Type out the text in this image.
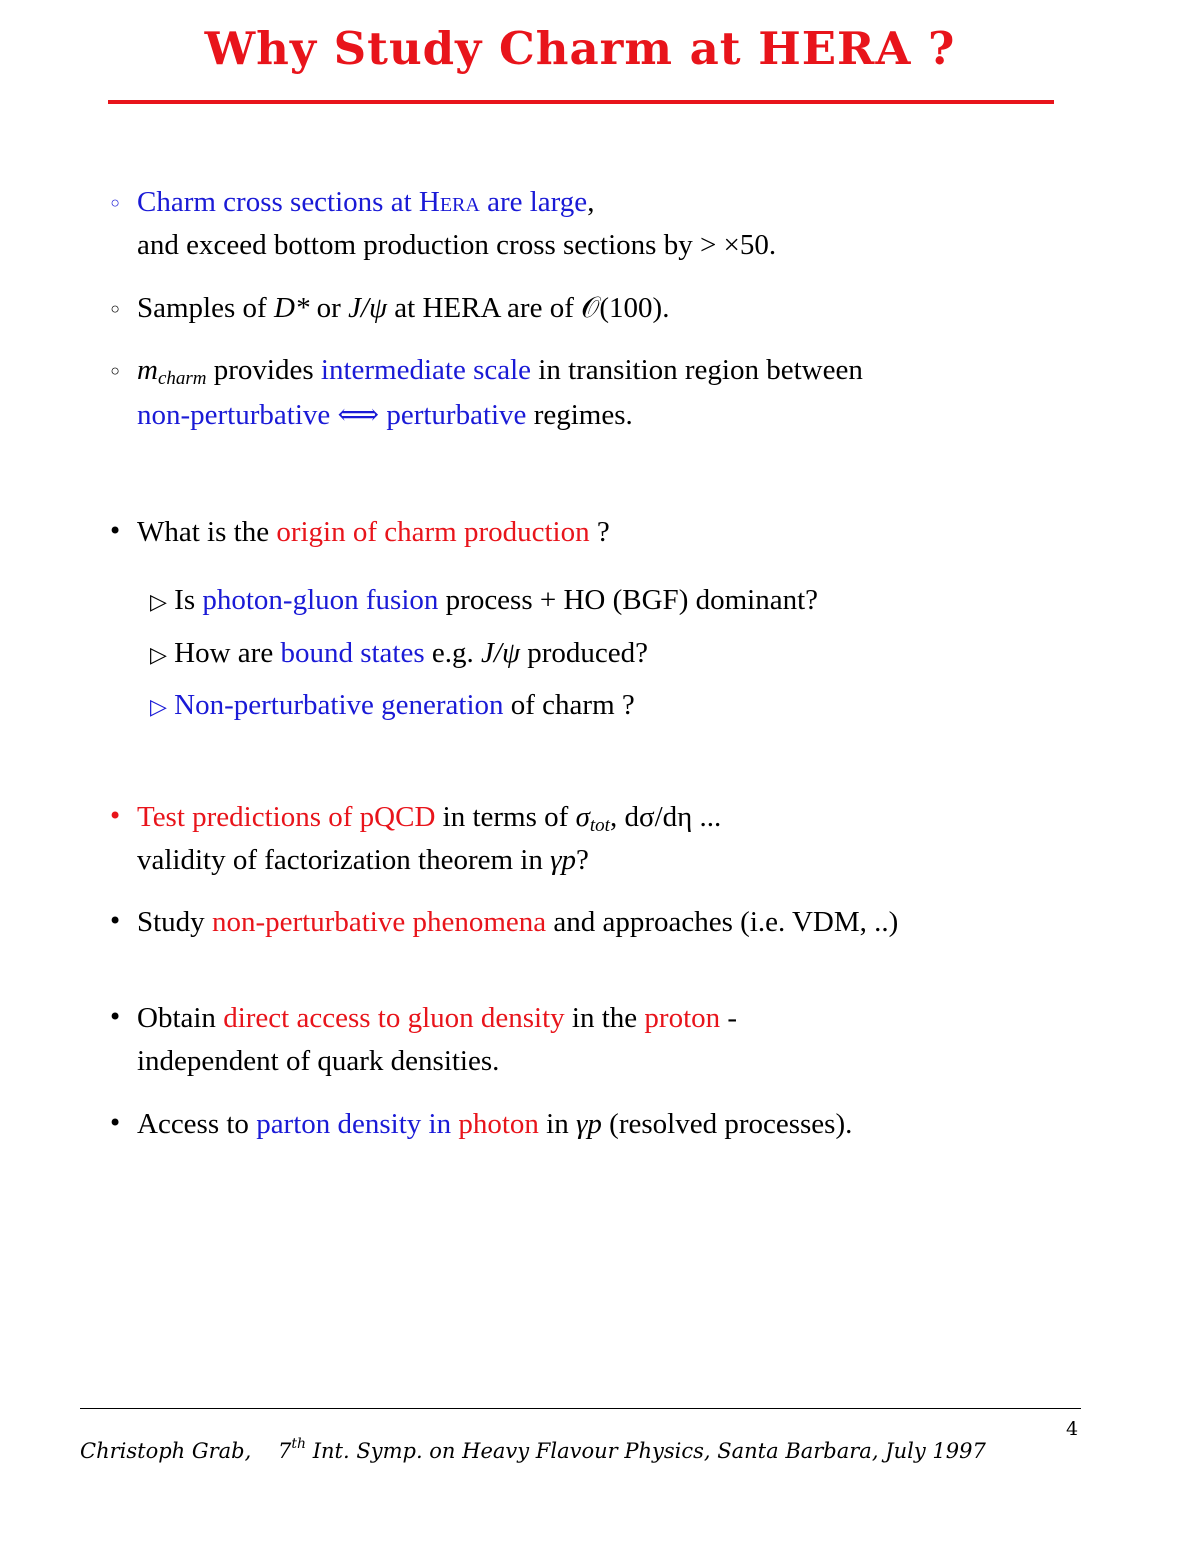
Why Study Charm at HERA ?
◦ Charm cross sections at Hera are large,
and exceed bottom production cross sections by > ×50.
◦ Samples of D* or J/ψ at HERA are of 𝒪(100).
◦ $m_{charm}$ provides intermediate scale in transition region between
non-perturbative ⟺ perturbative regimes.
• What is the origin of charm production ?
▷ Is photon-gluon fusion process + HO (BGF) dominant?
▷ How are bound states e.g. J/ψ produced?
▷ Non-perturbative generation of charm ?
• Test predictions of pQCD in terms of $\sigma_{tot}$, dσ/dη ...
validity of factorization theorem in γp?
• Study non-perturbative phenomena and approaches (i.e. VDM, ..)
• Obtain direct access to gluon density in the proton -
independent of quark densities.
• Access to parton density in photon in γp (resolved processes).
4
Christoph Grab, 7th Int. Symp. on Heavy Flavour Physics, Santa Barbara, July 1997
